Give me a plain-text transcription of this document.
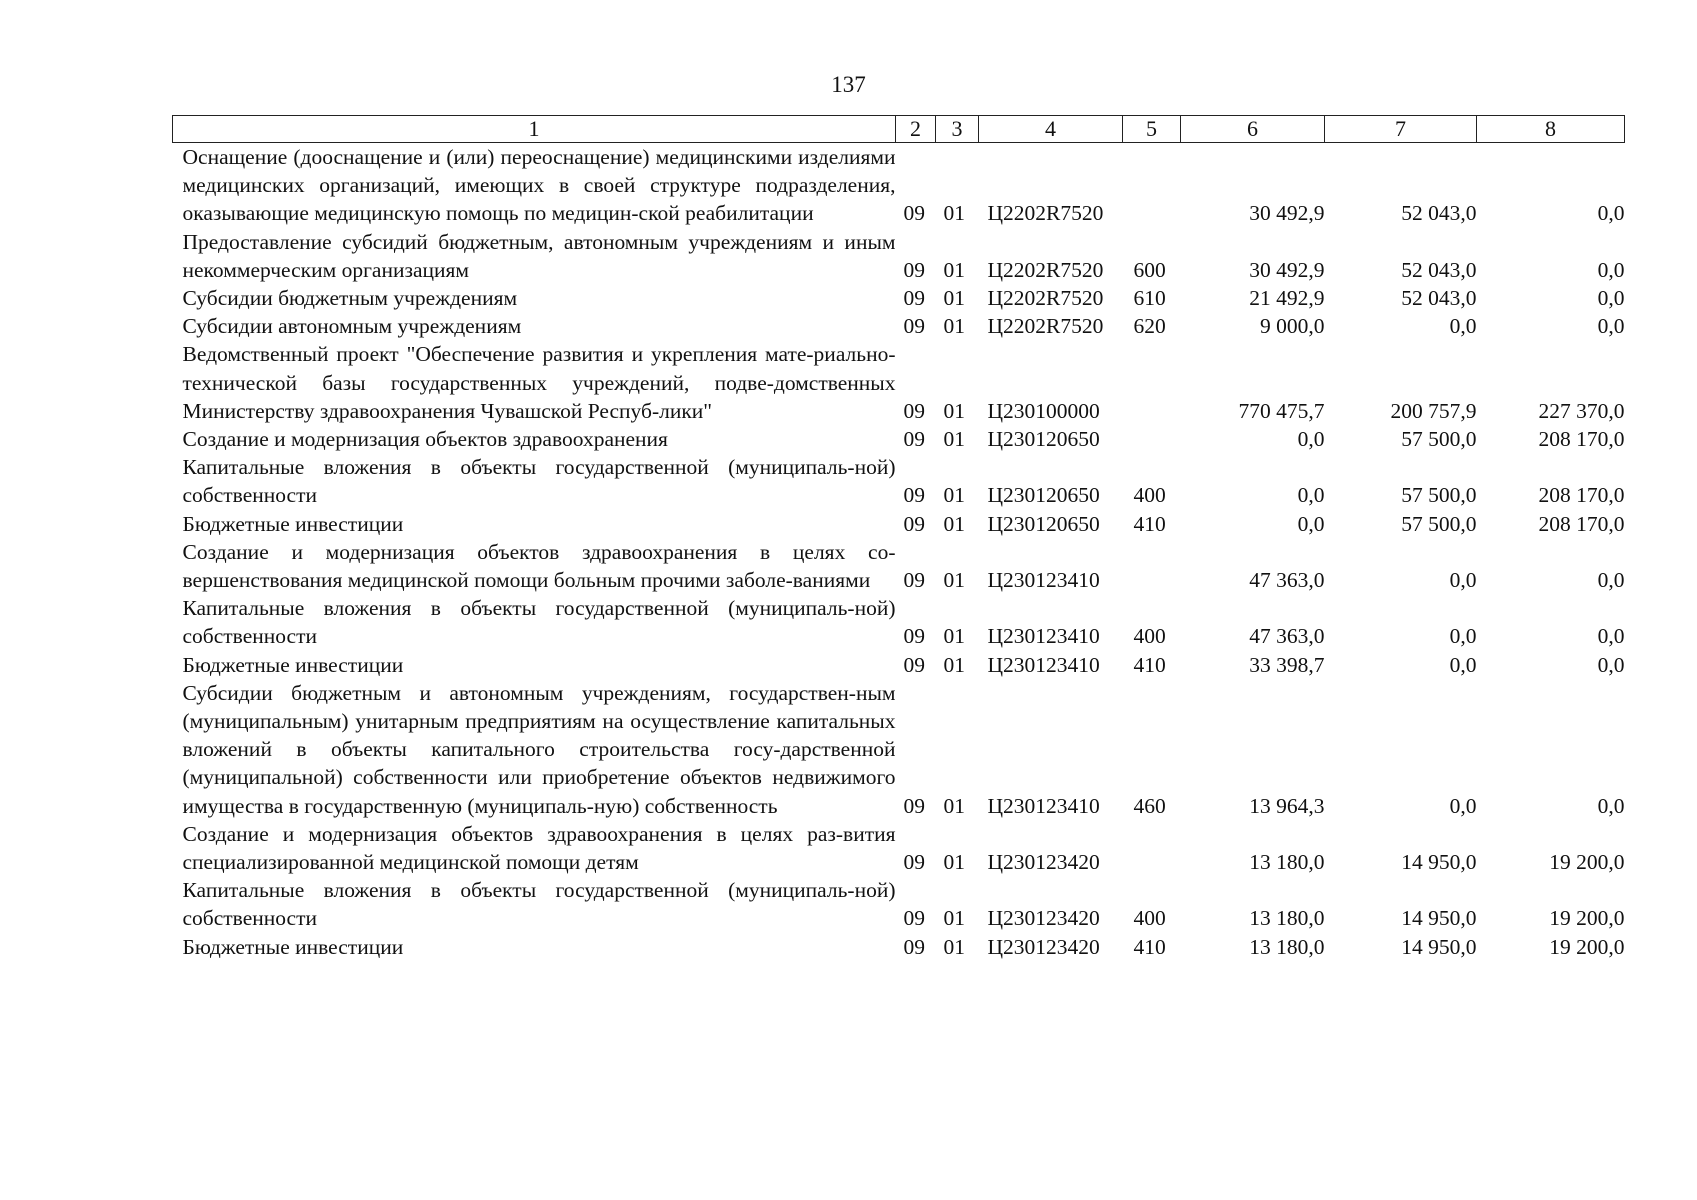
137
1	2	3	4	5	6	7	8
Оснащение (дооснащение и (или) переоснащение) медицинскими изделиями медицинских организаций, имеющих в своей структуре подразделения, оказывающие медицинскую помощь по медицин-ской реабилитации	09	01	Ц2202R7520		30 492,9	52 043,0	0,0
Предоставление субсидий бюджетным, автономным учреждениям и иным некоммерческим организациям	09	01	Ц2202R7520	600	30 492,9	52 043,0	0,0
Субсидии бюджетным учреждениям	09	01	Ц2202R7520	610	21 492,9	52 043,0	0,0
Субсидии автономным учреждениям	09	01	Ц2202R7520	620	9 000,0	0,0	0,0
Ведомственный проект "Обеспечение развития и укрепления мате-риально-технической базы государственных учреждений, подве-домственных Министерству здравоохранения Чувашской Респуб-лики"	09	01	Ц230100000		770 475,7	200 757,9	227 370,0
Создание и модернизация объектов здравоохранения	09	01	Ц230120650		0,0	57 500,0	208 170,0
Капитальные вложения в объекты государственной (муниципаль-ной) собственности	09	01	Ц230120650	400	0,0	57 500,0	208 170,0
Бюджетные инвестиции	09	01	Ц230120650	410	0,0	57 500,0	208 170,0
Создание и модернизация объектов здравоохранения в целях со-вершенствования медицинской помощи больным прочими заболе-ваниями	09	01	Ц230123410		47 363,0	0,0	0,0
Капитальные вложения в объекты государственной (муниципаль-ной) собственности	09	01	Ц230123410	400	47 363,0	0,0	0,0
Бюджетные инвестиции	09	01	Ц230123410	410	33 398,7	0,0	0,0
Субсидии бюджетным и автономным учреждениям, государствен-ным (муниципальным) унитарным предприятиям на осуществление капитальных вложений в объекты капитального строительства госу-дарственной (муниципальной) собственности или приобретение объектов недвижимого имущества в государственную (муниципаль-ную) собственность	09	01	Ц230123410	460	13 964,3	0,0	0,0
Создание и модернизация объектов здравоохранения в целях раз-вития специализированной медицинской помощи детям	09	01	Ц230123420		13 180,0	14 950,0	19 200,0
Капитальные вложения в объекты государственной (муниципаль-ной) собственности	09	01	Ц230123420	400	13 180,0	14 950,0	19 200,0
Бюджетные инвестиции	09	01	Ц230123420	410	13 180,0	14 950,0	19 200,0
